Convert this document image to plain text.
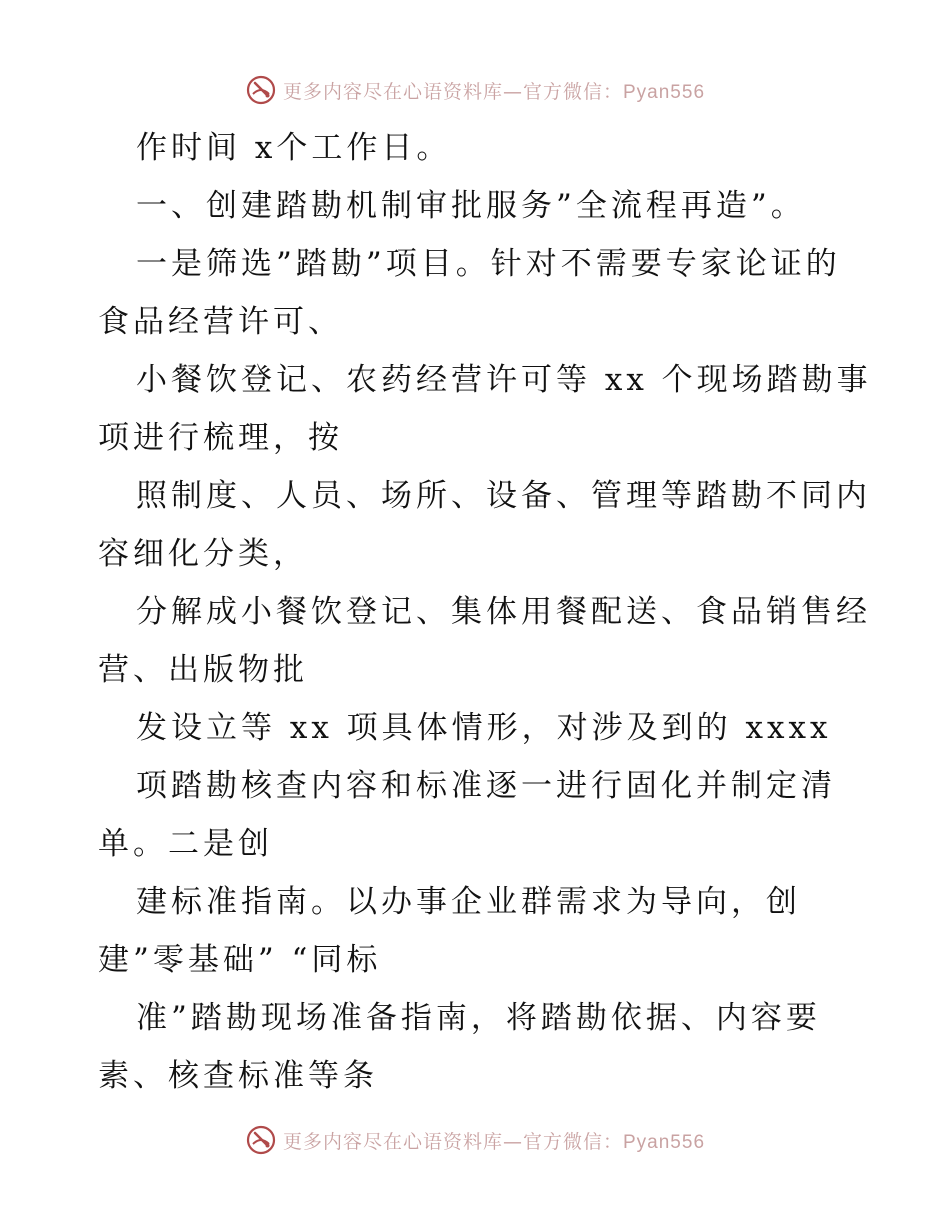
更多内容尽在心语资料库—官方微信：Pyan556
作时间 x个工作日。
一、创建踏勘机制审批服务”全流程再造”。
一是筛选”踏勘”项目。针对不需要专家论证的
食品经营许可、
小餐饮登记、农药经营许可等 xx 个现场踏勘事
项进行梳理，按
照制度、人员、场所、设备、管理等踏勘不同内
容细化分类，
分解成小餐饮登记、集体用餐配送、食品销售经
营、出版物批
发设立等 xx 项具体情形，对涉及到的 xxxx
项踏勘核查内容和标准逐一进行固化并制定清
单。二是创
建标准指南。以办事企业群需求为导向，创
建”零基础” “同标
准”踏勘现场准备指南，将踏勘依据、内容要
素、核查标准等条
更多内容尽在心语资料库—官方微信：Pyan556
